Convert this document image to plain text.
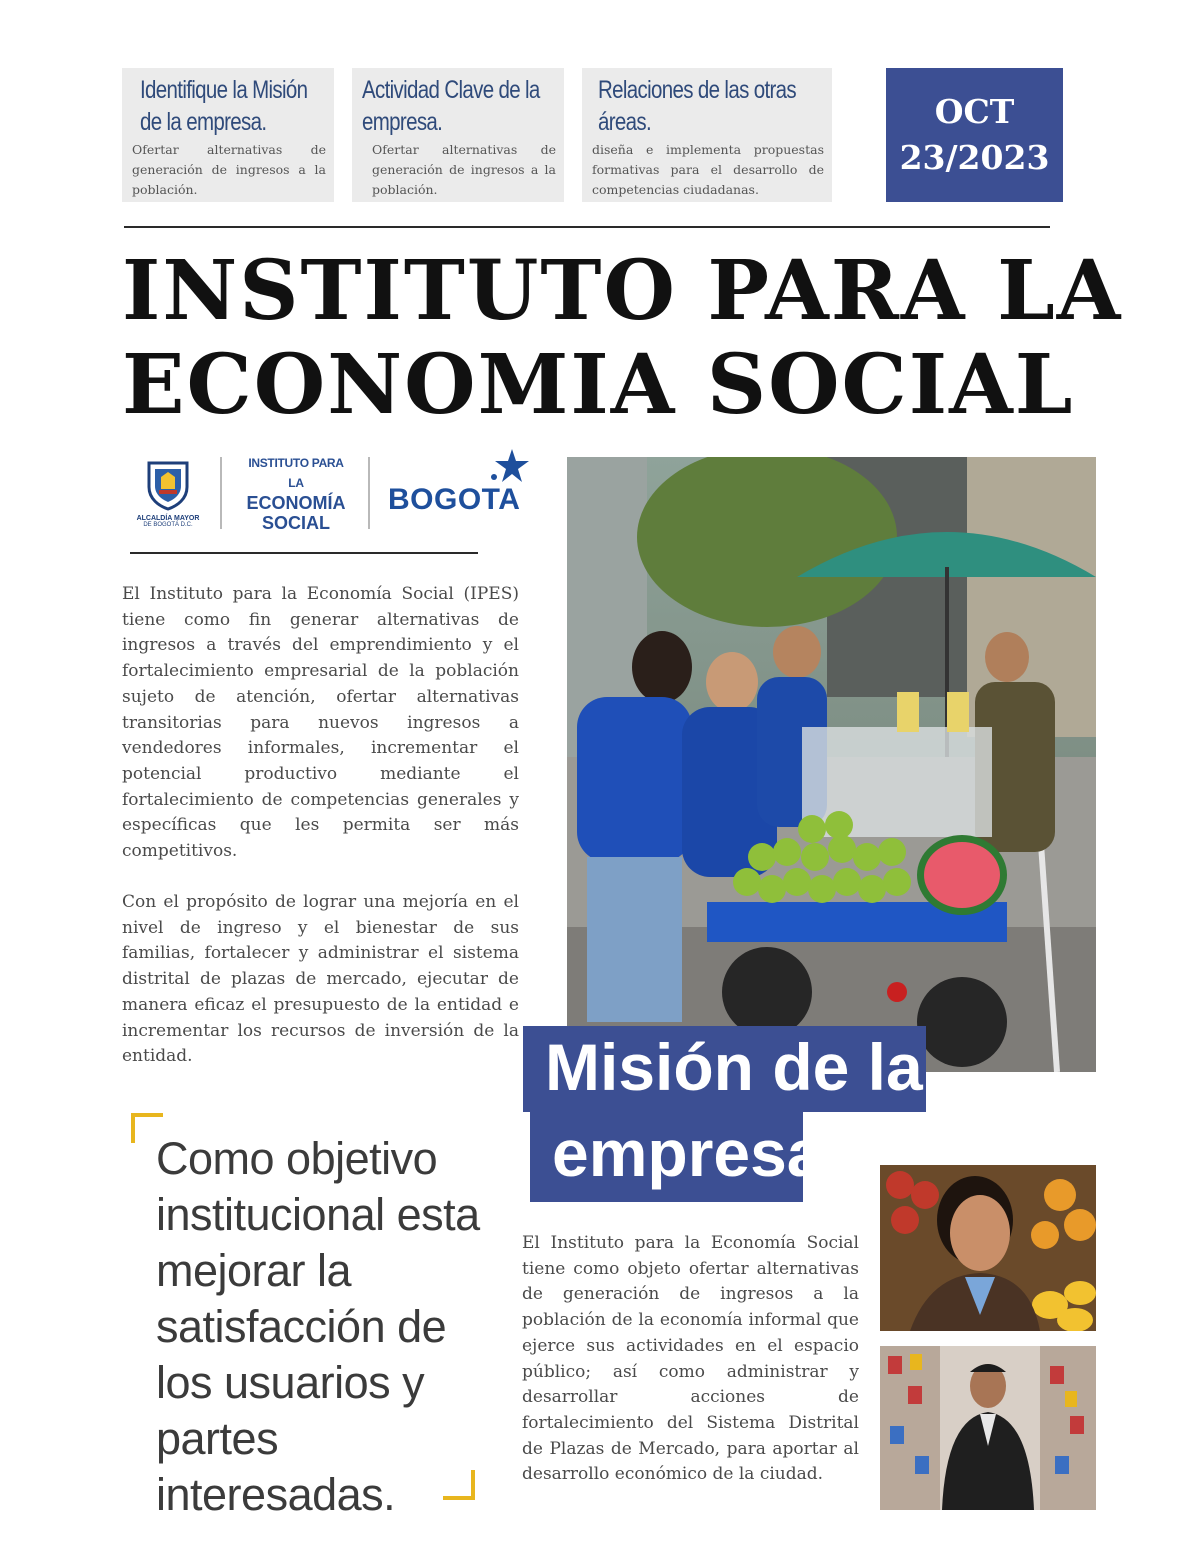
Identifique la Misión
de la empresa.
Ofertar alternativas de generación de ingresos a la población.
Actividad Clave de la
empresa.
Ofertar alternativas de generación de ingresos a la población.
Relaciones de las otras
áreas.
diseña e implementa propuestas formativas para el desarrollo de competencias ciudadanas.
OCT
23/2023
INSTITUTO PARA LA
ECONOMIA SOCIAL
ALCALDÍA MAYOR
DE BOGOTÁ D.C.
INSTITUTO PARA LA
ECONOMÍA
SOCIAL
BOGOTA
El Instituto para la Economía Social (IPES) tiene como fin generar alternativas de ingresos a través del emprendimiento y el fortalecimiento empresarial de la población sujeto de atención, ofertar alternativas transitorias para nuevos ingresos a vendedores informales, incrementar el potencial productivo mediante el fortalecimiento de competencias generales y específicas que les permita ser más competitivos.
Con el propósito de lograr una mejoría en el nivel de ingreso y el bienestar de sus familias, fortalecer y administrar el sistema distrital de plazas de mercado, ejecutar de manera eficaz el presupuesto de la entidad e incrementar los recursos de inversión de la entidad.	Misión de la
empresa
Como objetivo institucional esta mejorar la satisfacción de los usuarios y partes interesadas.
El Instituto para la Economía Social tiene como objeto ofertar alternativas de generación de ingresos a la población de la economía informal que ejerce sus actividades en el espacio público; así como administrar y desarrollar acciones de fortalecimiento del Sistema Distrital de Plazas de Mercado, para aportar al desarrollo económico de la ciudad.
